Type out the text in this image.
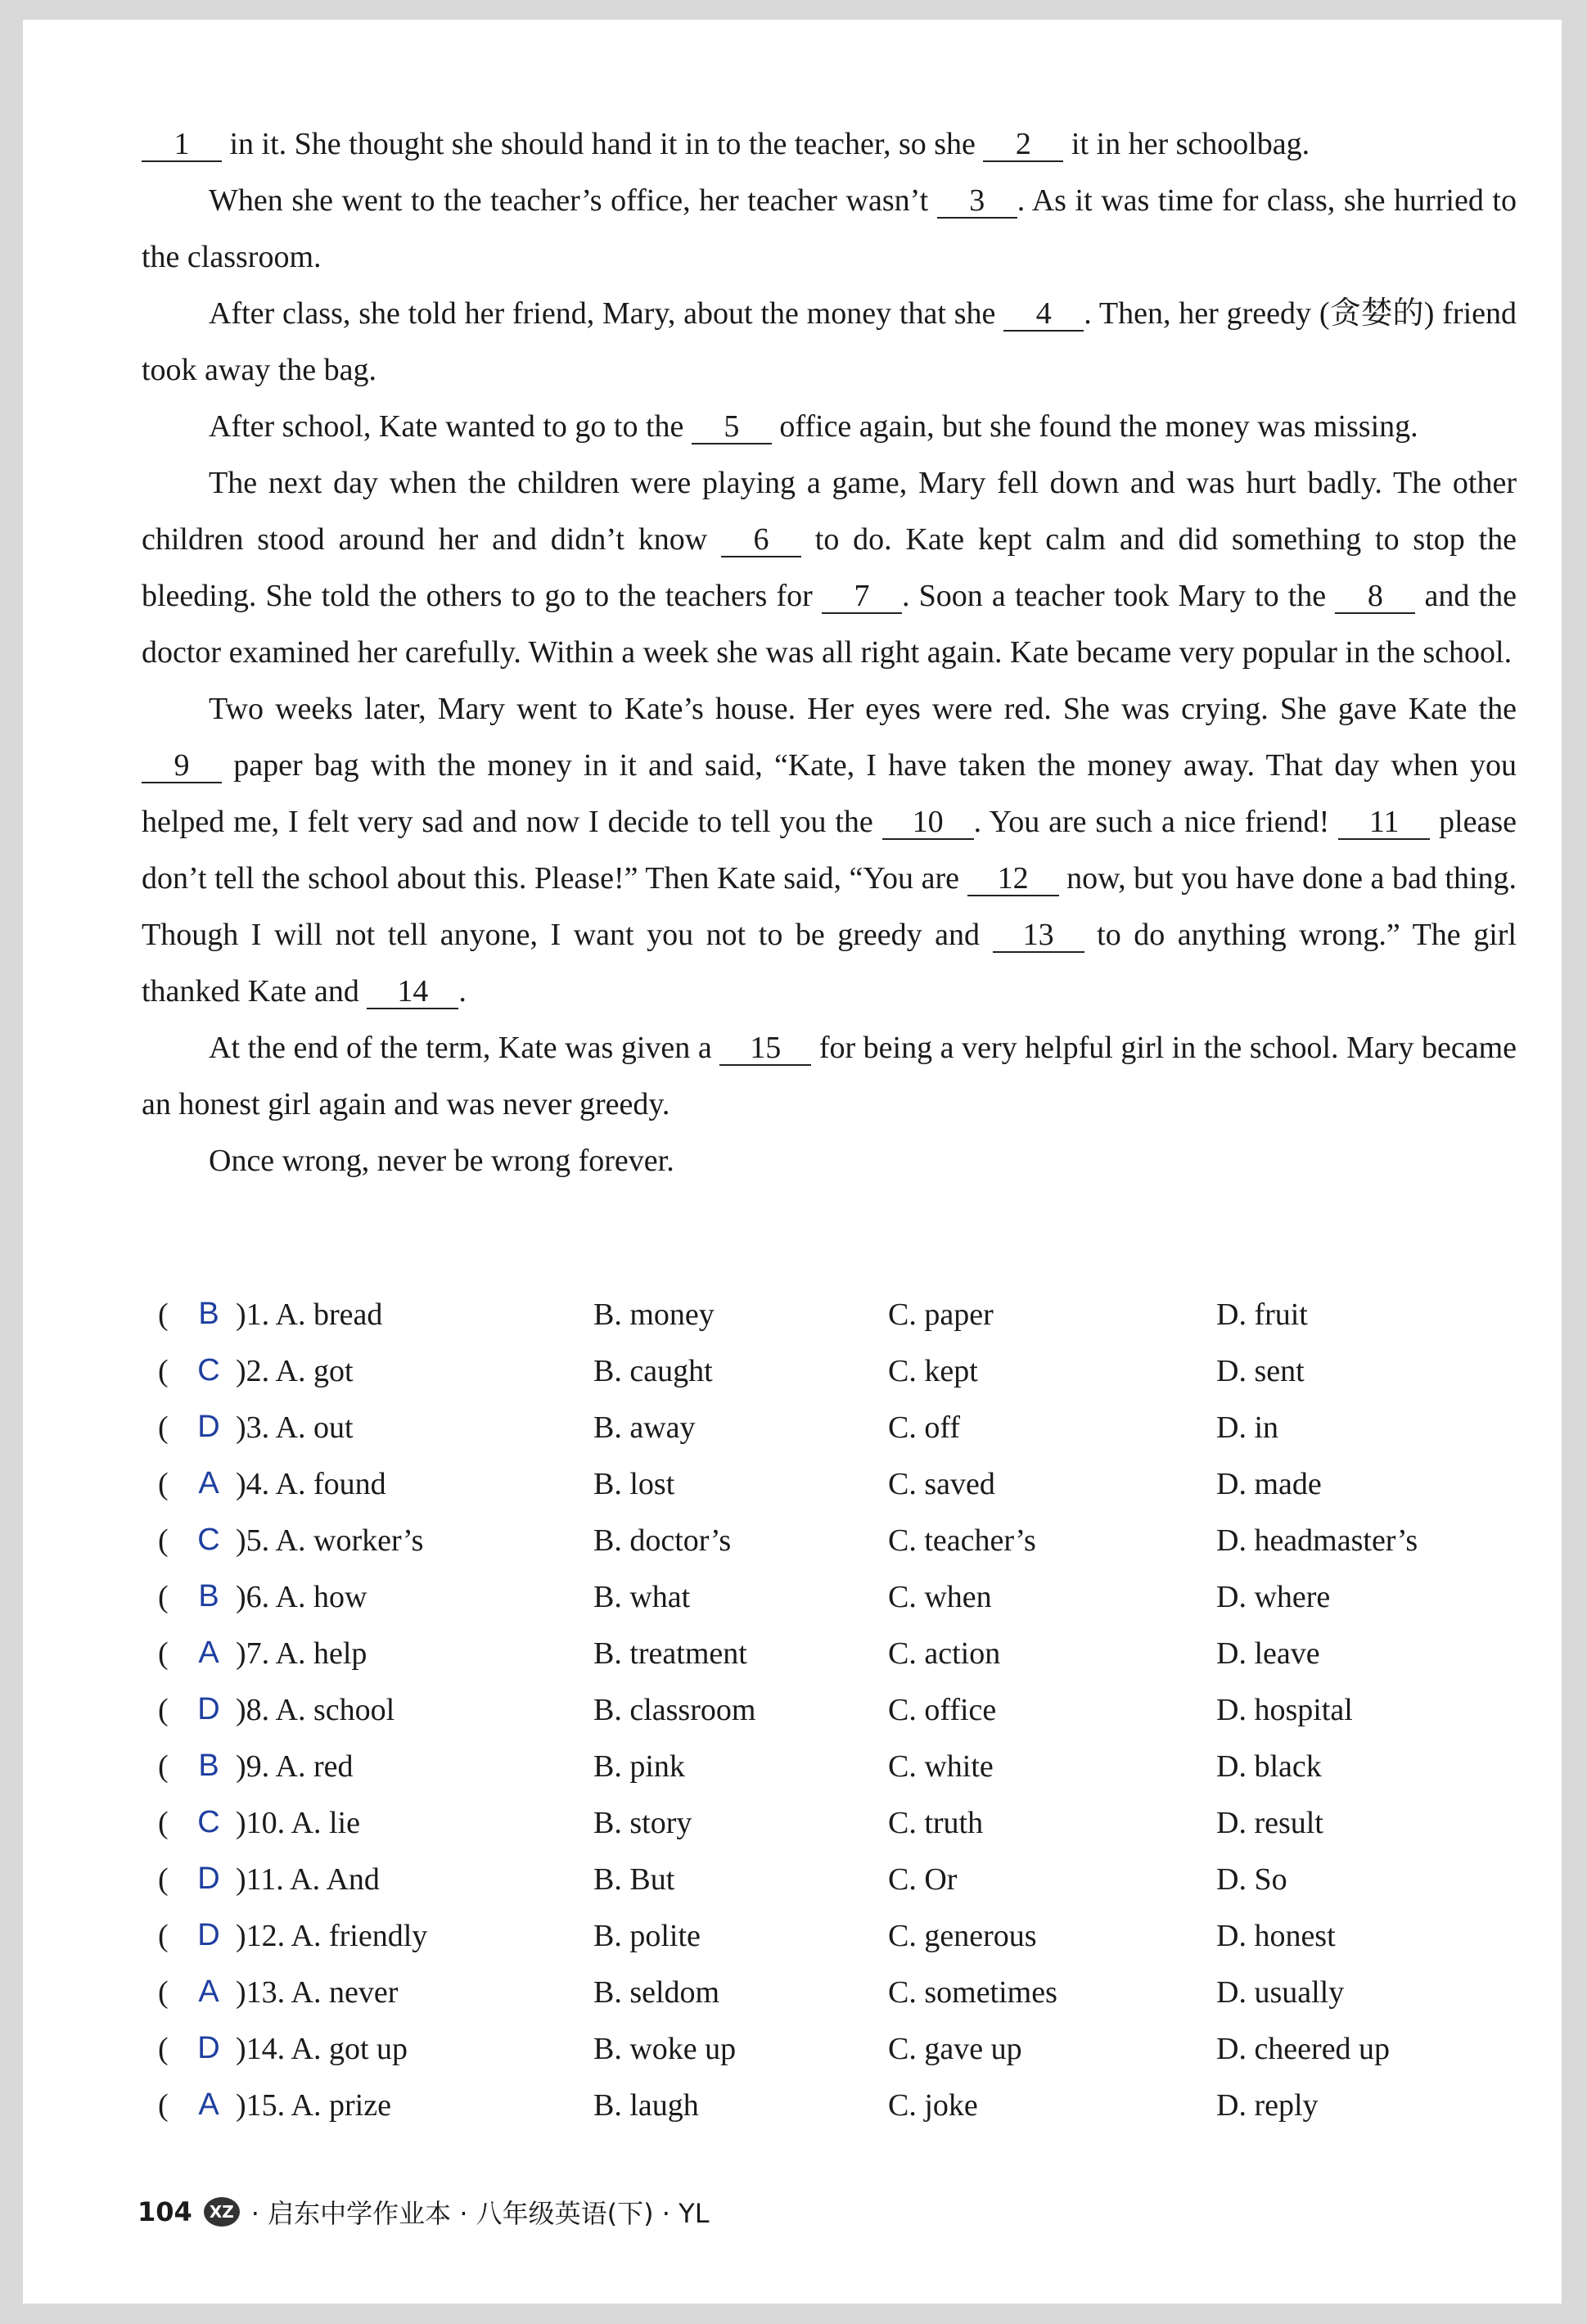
1 in it. She thought she should hand it in to the teacher, so she 2 it in her schoolbag.

When she went to the teacher’s office, her teacher wasn’t 3 . As it was time for class, she hurried to the classroom.

After class, she told her friend, Mary, about the money that she 4 . Then, her greedy (贪婪的) friend took away the bag.

After school, Kate wanted to go to the 5 office again, but she found the money was missing.

The next day when the children were playing a game, Mary fell down and was hurt badly. The other children stood around her and didn’t know 6 to do. Kate kept calm and did something to stop the bleeding. She told the others to go to the teachers for 7 . Soon a teacher took Mary to the 8 and the doctor examined her carefully. Within a week she was all right again. Kate became very popular in the school.

Two weeks later, Mary went to Kate’s house. Her eyes were red. She was crying. She gave Kate the 9 paper bag with the money in it and said, “Kate, I have taken the money away. That day when you helped me, I felt very sad and now I decide to tell you the 10 . You are such a nice friend! 11 please don’t tell the school about this. Please!” Then Kate said, “You are 12 now, but you have done a bad thing. Though I will not tell anyone, I want you not to be greedy and 13 to do anything wrong.” The girl thanked Kate and 14 .

At the end of the term, Kate was given a 15 for being a very helpful girl in the school. Mary became an honest girl again and was never greedy.

Once wrong, never be wrong forever.

( B )1. A. bread	B. money	C. paper	D. fruit
( C )2. A. got	B. caught	C. kept	D. sent
( D )3. A. out	B. away	C. off	D. in
( A )4. A. found	B. lost	C. saved	D. made
( C )5. A. worker’s	B. doctor’s	C. teacher’s	D. headmaster’s
( B )6. A. how	B. what	C. when	D. where
( A )7. A. help	B. treatment	C. action	D. leave
( D )8. A. school	B. classroom	C. office	D. hospital
( B )9. A. red	B. pink	C. white	D. black
( C )10. A. lie	B. story	C. truth	D. result
( D )11. A. And	B. But	C. Or	D. So
( D )12. A. friendly	B. polite	C. generous	D. honest
( A )13. A. never	B. seldom	C. sometimes	D. usually
( D )14. A. got up	B. woke up	C. gave up	D. cheered up
( A )15. A. prize	B. laugh	C. joke	D. reply
104	XZ · 启东中学作业本 · 八年级英语(下) · YL
